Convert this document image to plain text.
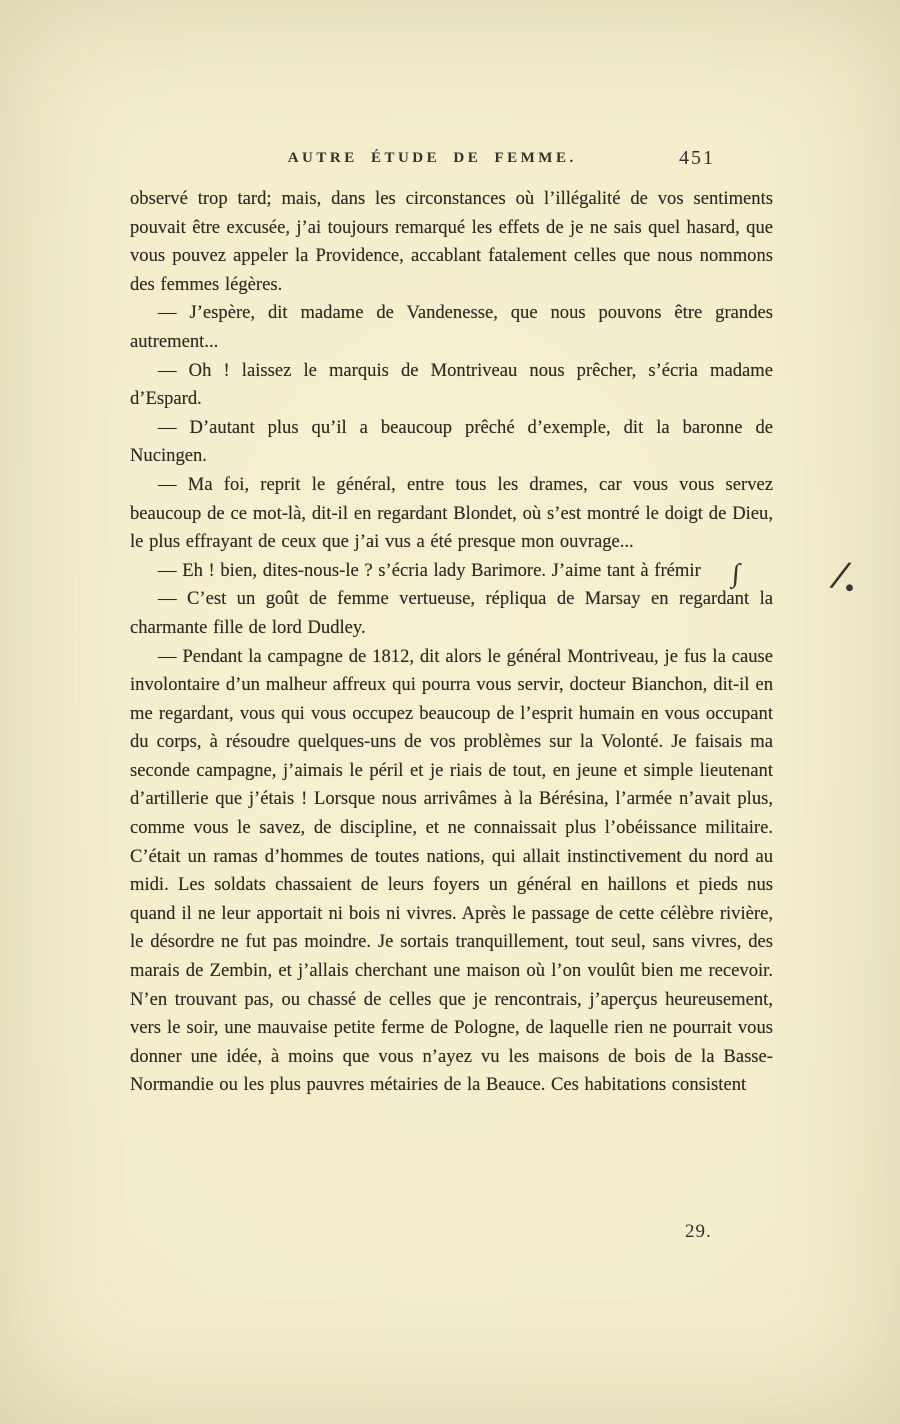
AUTRE ÉTUDE DE FEMME.	451

observé trop tard; mais, dans les circonstances où l’illégalité de vos sentiments pouvait être excusée, j’ai toujours remarqué les effets de je ne sais quel hasard, que vous pouvez appeler la Providence, accablant fatalement celles que nous nommons des femmes légères.

— J’espère, dit madame de Vandenesse, que nous pouvons être grandes autrement...

— Oh ! laissez le marquis de Montriveau nous prêcher, s’écria madame d’Espard.

— D’autant plus qu’il a beaucoup prêché d’exemple, dit la baronne de Nucingen.

— Ma foi, reprit le général, entre tous les drames, car vous vous servez beaucoup de ce mot-là, dit-il en regardant Blondet, où s’est montré le doigt de Dieu, le plus effrayant de ceux que j’ai vus a été presque mon ouvrage...

— Eh ! bien, dites-nous-le ? s’écria lady Barimore. J’aime tant à frémir ∫

— C’est un goût de femme vertueuse, répliqua de Marsay en regardant la charmante fille de lord Dudley.

— Pendant la campagne de 1812, dit alors le général Montriveau, je fus la cause involontaire d’un malheur affreux qui pourra vous servir, docteur Bianchon, dit-il en me regardant, vous qui vous occupez beaucoup de l’esprit humain en vous occupant du corps, à résoudre quelques-uns de vos problèmes sur la Volonté. Je faisais ma seconde campagne, j’aimais le péril et je riais de tout, en jeune et simple lieutenant d’artillerie que j’étais ! Lorsque nous arrivâmes à la Bérésina, l’armée n’avait plus, comme vous le savez, de discipline, et ne connaissait plus l’obéissance militaire. C’était un ramas d’hommes de toutes nations, qui allait instinctivement du nord au midi. Les soldats chassaient de leurs foyers un général en haillons et pieds nus quand il ne leur apportait ni bois ni vivres. Après le passage de cette célèbre rivière, le désordre ne fut pas moindre. Je sortais tranquillement, tout seul, sans vivres, des marais de Zembin, et j’allais cherchant une maison où l’on voulût bien me recevoir. N’en trouvant pas, ou chassé de celles que je rencontrais, j’aperçus heureusement, vers le soir, une mauvaise petite ferme de Pologne, de laquelle rien ne pourrait vous donner une idée, à moins que vous n’ayez vu les maisons de bois de la Basse-Normandie ou les plus pauvres métairies de la Beauce. Ces habitations consistent

29.
/.
